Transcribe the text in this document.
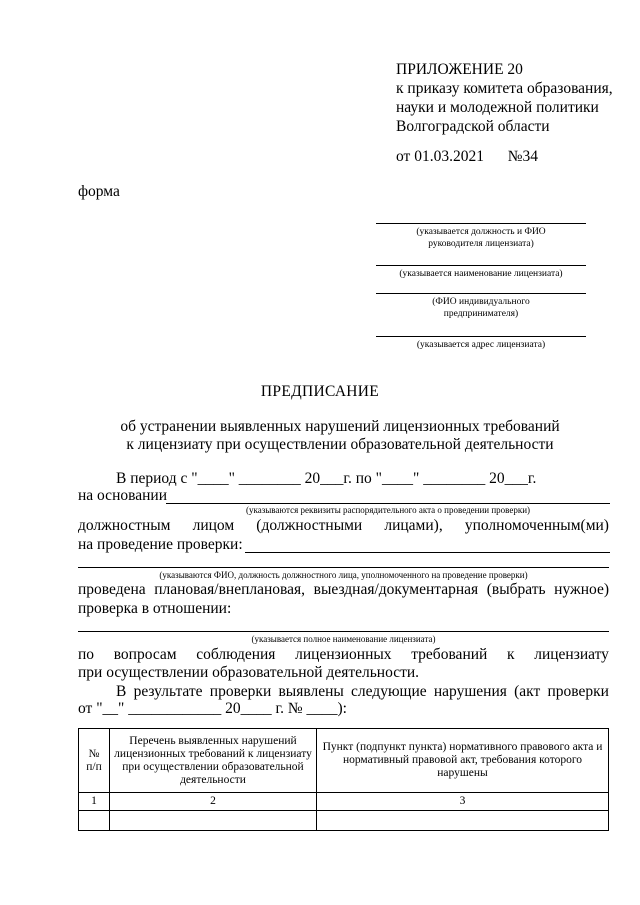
ПРИЛОЖЕНИЕ 20
к приказу комитета образования,
науки и молодежной политики
Волгоградской области
от 01.03.2021 №34
форма
(указывается должность и ФИО
руководителя лицензиата)
(указывается наименование лицензиата)
(ФИО индивидуального
предпринимателя)
(указывается адрес лицензиата)
ПРЕДПИСАНИЕ
об устранении выявленных нарушений лицензионных требований
к лицензиату при осуществлении образовательной деятельности
В период с "____" ________ 20___г. по "____" ________ 20___г.
на основании
(указываются реквизиты распорядительного акта о проведении проверки)
должностным лицом (должностными лицами), уполномоченным(ми)
на проведение проверки:
(указываются ФИО, должность должностного лица, уполномоченного на проведение проверки)
проведена плановая/внеплановая, выездная/документарная (выбрать нужное)
проверка в отношении:
(указывается полное наименование лицензиата)
по вопросам соблюдения лицензионных требований к лицензиату
при осуществлении образовательной деятельности.
В результате проверки выявлены следующие нарушения (акт проверки
от "__" ____________ 20____ г. № ____):
№ п/п	Перечень выявленных нарушений лицензионных требований к лицензиату при осуществлении образовательной деятельности	Пункт (подпункт пункта) нормативного правового акта и нормативный правовой акт, требования которого нарушены
1	2	3
